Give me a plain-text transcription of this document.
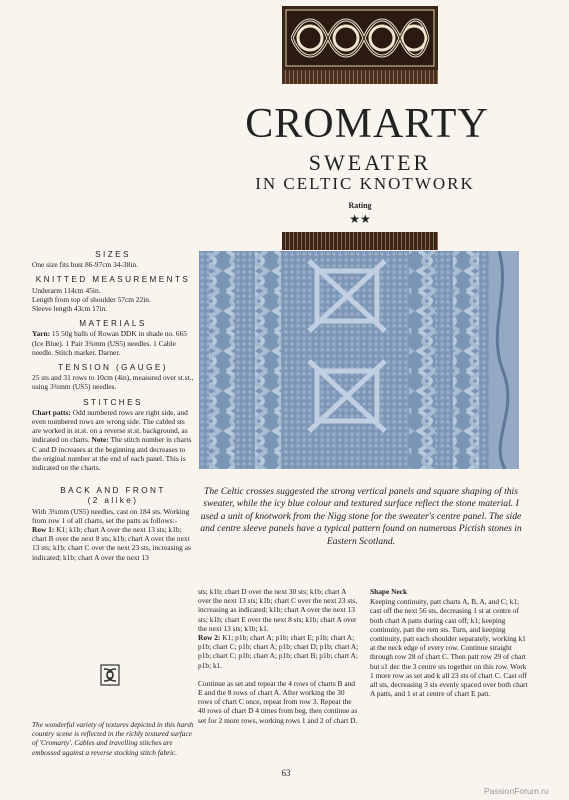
CROMARTY
SWEATER
IN CELTIC KNOTWORK
Rating
★★
The Celtic crosses suggested the strong vertical panels and square shaping of this sweater, while the icy blue colour and textured surface reflect the stone material. I used a unit of knotwork from the Nigg stone for the sweater's centre panel. The side and centre sleeve panels have a typical pattern found on numerous Pictish stones in Eastern Scotland.
SIZES

One size fits bust 86-97cm 34-38in.

KNITTED MEASUREMENTS

Underarm 114cm 45in.

Length from top of shoulder 57cm 22in.

Sleeve length 43cm 17in.

MATERIALS

Yarn: 15 50g balls of Rowan DDK in shade no. 665 (Ice Blue). 1 Pair 3¾mm (US5) needles. 1 Cable needle. Stitch marker. Darner.

TENSION (GAUGE)

25 sts and 31 rows to 10cm (4in), measured over st.st., using 3¾mm (US5) needles.

STITCHES

Chart patts: Odd numbered rows are right side, and even numbered rows are wrong side. The cabled sts are worked in st.st. on a reverse st.st. background, as indicated on charts. Note: The stitch number in charts C and D increases at the beginning and decreases to the original number at the end of each panel. This is indicated on the charts.

BACK AND FRONT
(2 alike)

With 3¾mm (US5) needles, cast on 184 sts. Working from row 1 of all charts, set the patts as follows:-

Row 1: K1; k1b; chart A over the next 13 sts; k1b; chart B over the next 8 sts; k1b; chart A over the next 13 sts; k1b; chart C over the next 23 sts, increasing as indicated; k1b; chart A over the next 13

The wonderful variety of textures depicted in this harsh country scene is reflected in the richly textured surface of 'Cromarty'. Cables and travelling stitches are embossed against a reverse stocking stitch fabric.

sts; k1b; chart D over the next 30 sts; k1b; chart A over the next 13 sts; k1b; chart C over the next 23 sts, increasing as indicated; k1b; chart A over the next 13 sts; k1b; chart E over the next 8 sts; k1b; chart A over the next 13 sts; k1b; k1.

Row 2: K1; p1b; chart A; p1b; chart E; p1b; chart A; p1b; chart C; p1b; chart A; p1b; chart D; p1b; chart A; p1b; chart C; p1b; chart A; p1b; chart B; p1b; chart A; p1b; k1.

Continue as set and repeat the 4 rows of charts B and E and the 8 rows of chart A. After working the 30 rows of chart C once, repeat from row 3. Repeat the 40 rows of chart D 4 times from beg, then continue as set for 2 more rows, working rows 1 and 2 of chart D.

Shape Neck

Keeping continuity, patt charts A, B, A, and C; k1; cast off the next 56 sts, decreasing 1 st at centre of both chart A patts during cast off; k1; keeping continuity, patt the rem sts. Turn, and keeping continuity, patt each shoulder separately, working k1 at the neck edge of every row. Continue straight through row 28 of chart C. Then patt row 29 of chart but s1 dec the 3 centre sts together on this row. Work 1 more row as set and k all 23 sts of chart C. Cast off all sts, decreasing 3 sts evenly spaced over both chart A patts, and 1 st at centre of chart E patt.

63
PassionForum.ru
